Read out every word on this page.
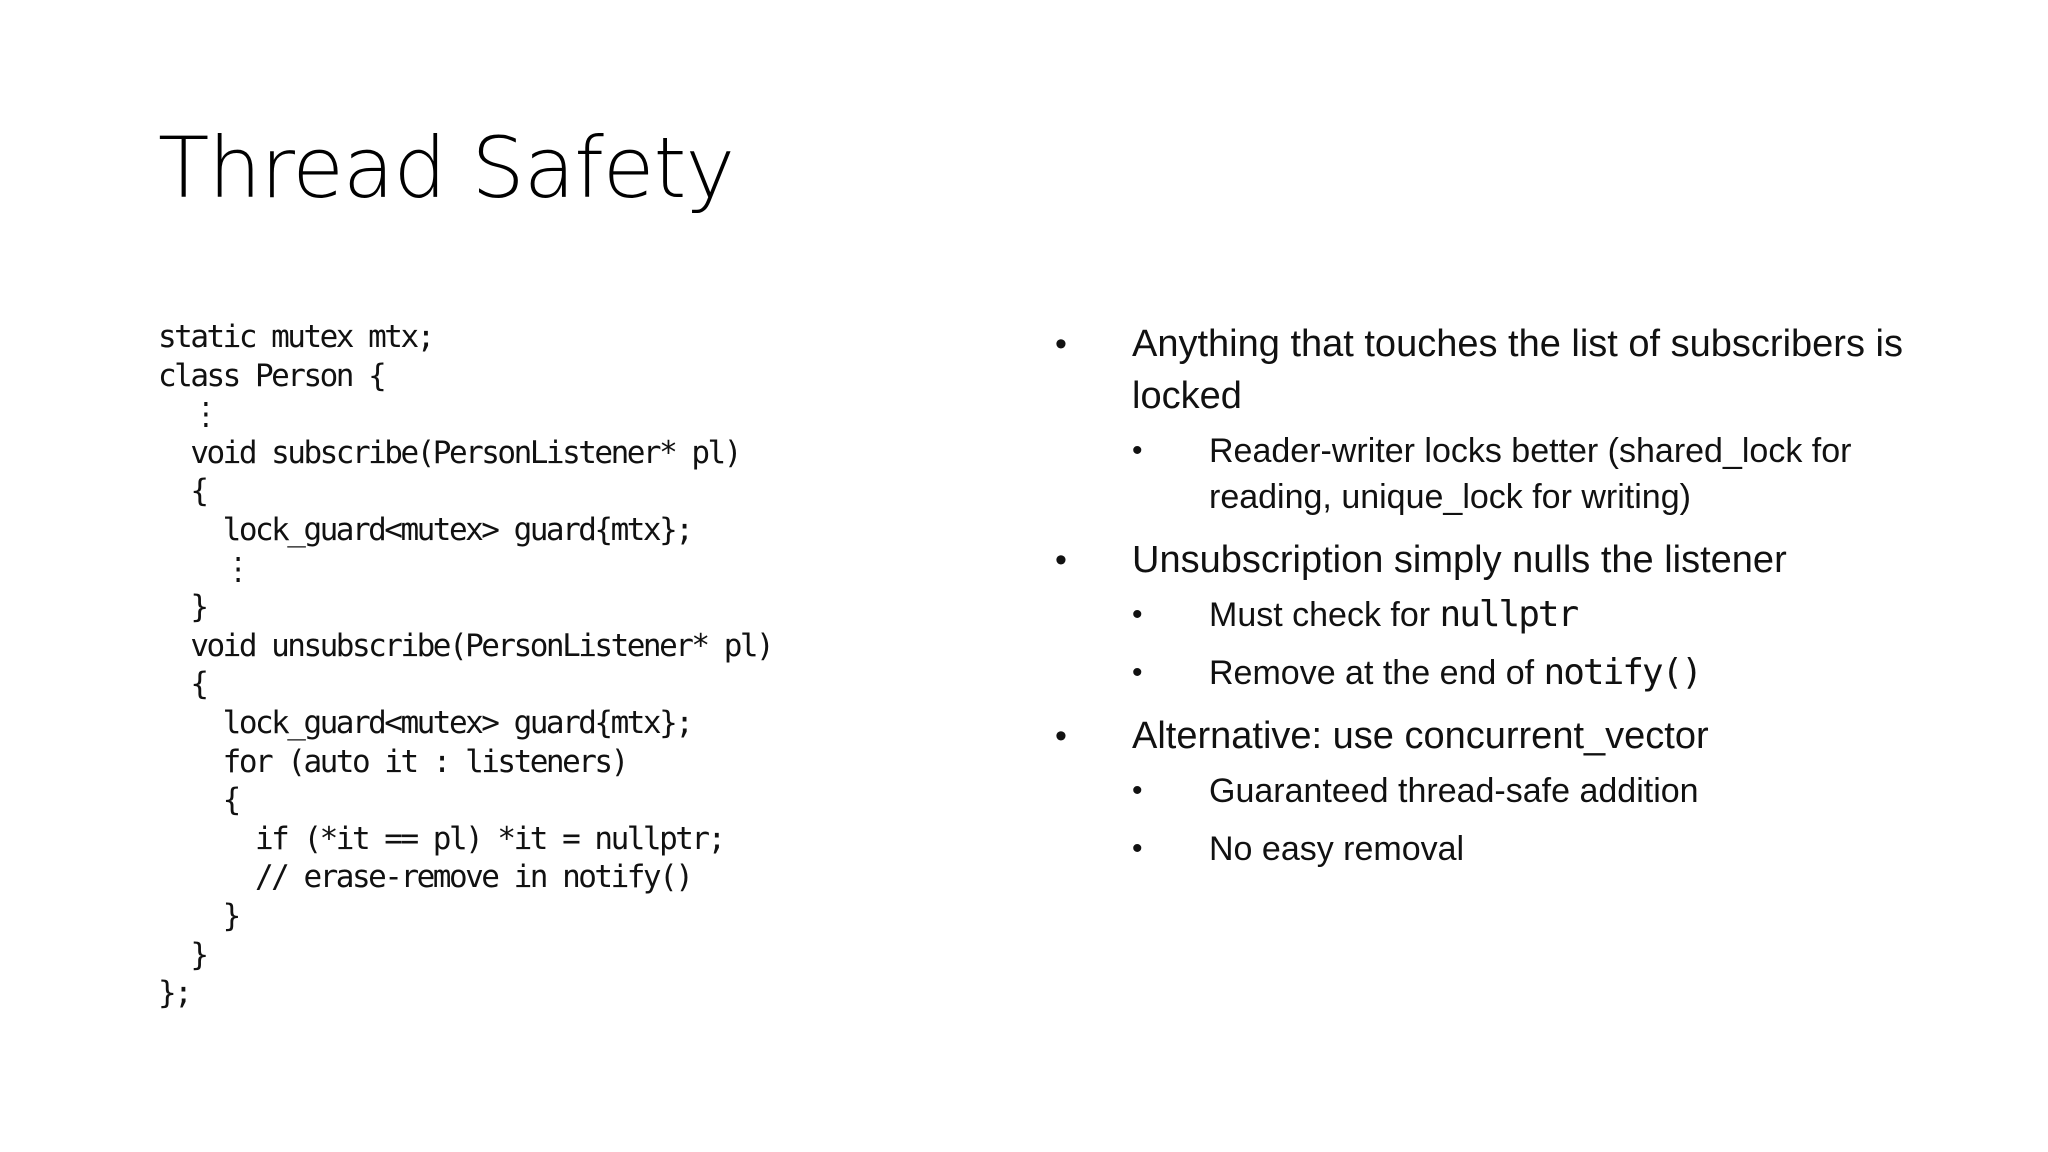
Thread Safety
static mutex mtx;
class Person {
⋮
void subscribe(PersonListener* pl)
{
lock_guard<mutex> guard{mtx};
⋮
}
void unsubscribe(PersonListener* pl)
{
lock_guard<mutex> guard{mtx};
for (auto it : listeners)
{
if (*it == pl) *it = nullptr;
// erase-remove in notify()
}
}
};
• Anything that touches the list of subscribers is locked
• Reader-writer locks better (shared_lock for reading, unique_lock for writing)
• Unsubscription simply nulls the listener
• Must check for nullptr
• Remove at the end of notify()
• Alternative: use concurrent_vector
• Guaranteed thread-safe addition
• No easy removal
